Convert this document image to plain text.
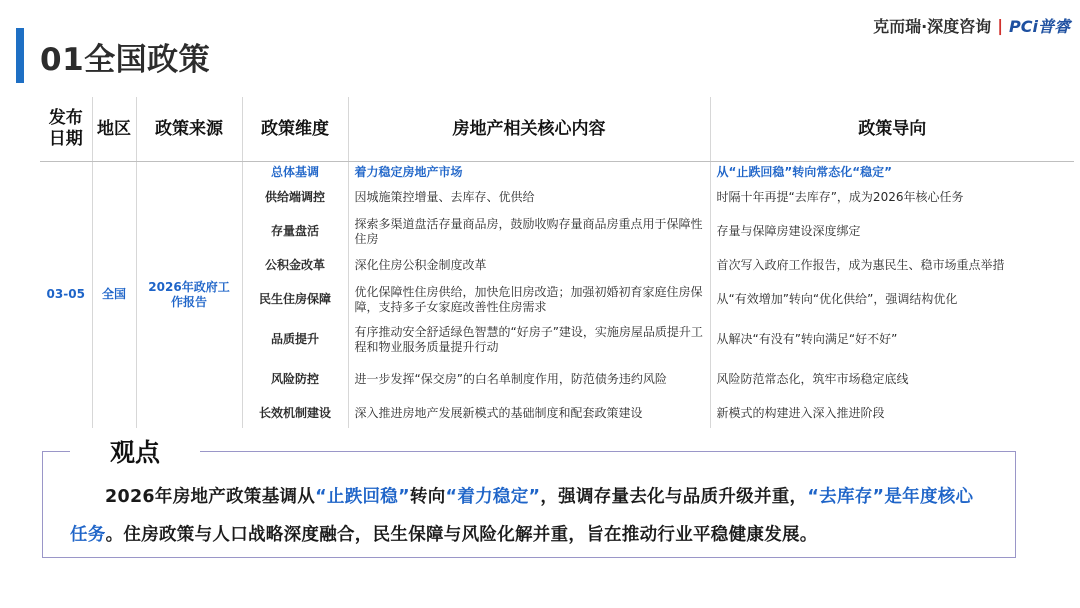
01全国政策
克而瑞·深度咨询 | PCi普睿
发布日期	地区	政策来源	政策维度	房地产相关核心内容	政策导向
03-05	全国	2026年政府工作报告	总体基调	着力稳定房地产市场	从“止跌回稳”转向常态化“稳定”
			供给端调控	因城施策控增量、去库存、优供给	时隔十年再提“去库存”，成为2026年核心任务
			存量盘活	探索多渠道盘活存量商品房，鼓励收购存量商品房重点用于保障性住房	存量与保障房建设深度绑定
			公积金改革	深化住房公积金制度改革	首次写入政府工作报告，成为惠民生、稳市场重点举措
			民生住房保障	优化保障性住房供给，加快危旧房改造；加强初婚初育家庭住房保障，支持多子女家庭改善性住房需求	从“有效增加”转向“优化供给”，强调结构优化
			品质提升	有序推动安全舒适绿色智慧的“好房子”建设，实施房屋品质提升工程和物业服务质量提升行动	从解决“有没有”转向满足“好不好”
			风险防控	进一步发挥“保交房”的白名单制度作用，防范债务违约风险	风险防范常态化，筑牢市场稳定底线
			长效机制建设	深入推进房地产发展新模式的基础制度和配套政策建设	新模式的构建进入深入推进阶段
观点
2026年房地产政策基调从“止跌回稳”转向“着力稳定”，强调存量去化与品质升级并重，“去库存”是年度核心任务。住房政策与人口战略深度融合，民生保障与风险化解并重，旨在推动行业平稳健康发展。
